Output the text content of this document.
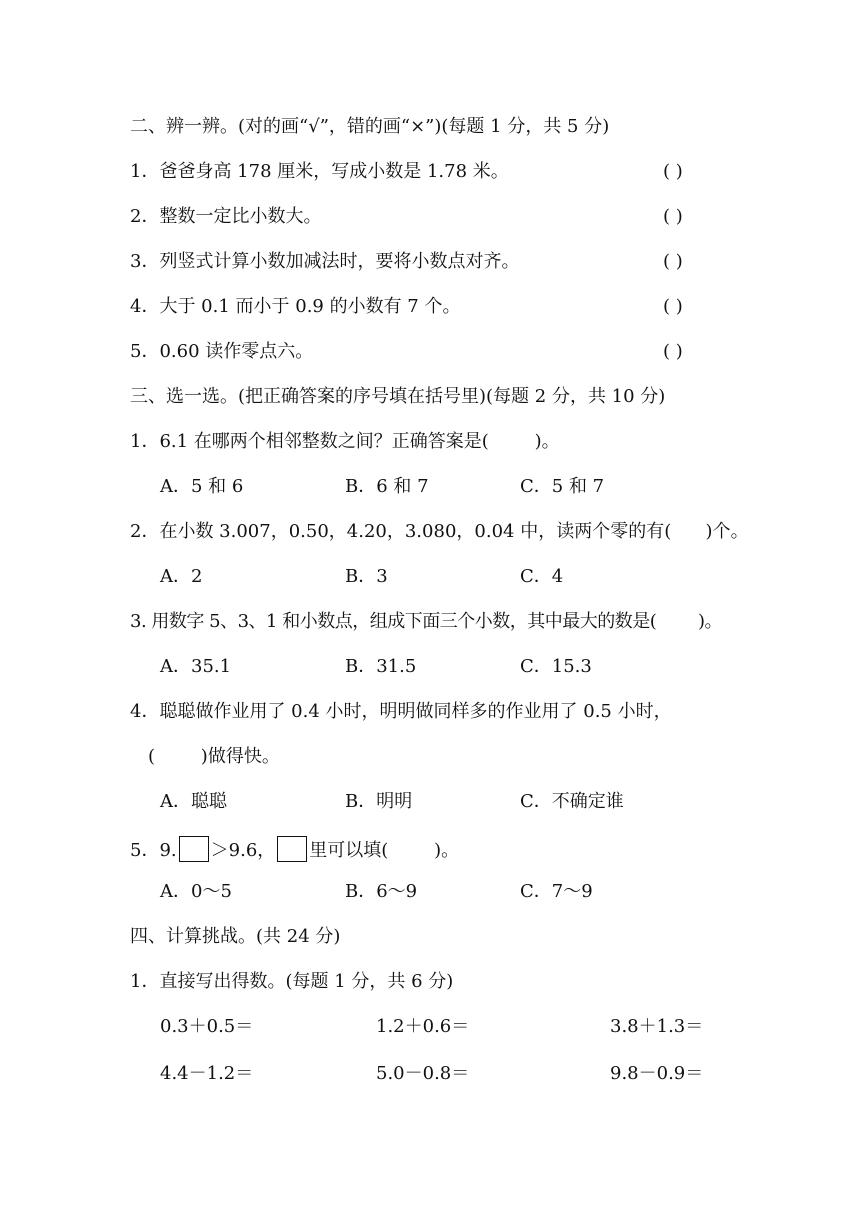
二、辨一辨。(对的画“√”，错的画“×”)(每题 1 分，共 5 分)
1．爸爸身高 178 厘米，写成小数是 1.78 米。	( )
2．整数一定比小数大。	( )
3．列竖式计算小数加减法时，要将小数点对齐。	( )
4．大于 0.1 而小于 0.9 的小数有 7 个。	( )
5．0.60 读作零点六。	( )
三、选一选。(把正确答案的序号填在括号里)(每题 2 分，共 10 分)
1．6.1 在哪两个相邻整数之间？正确答案是(        )。
A．5 和 6	B．6 和 7	C．5 和 7
2．在小数 3.007，0.50，4.20，3.080，0.04 中，读两个零的有(      )个。
A．2	B．3	C．4
3. 用数字 5、3、1 和小数点，组成下面三个小数，其中最大的数是(        )。
A．35.1	B．31.5	C．15.3
4．聪聪做作业用了 0.4 小时，明明做同样多的作业用了 0.5 小时，
(        )做得快。
A．聪聪	B．明明	C．不确定谁
5．9. ＞9.6， 里可以填(        )。
A．0～5	B．6～9	C．7～9
四、计算挑战。(共 24 分)
1．直接写出得数。(每题 1 分，共 6 分)
0.3＋0.5＝	1.2＋0.6＝	3.8＋1.3＝
4.4－1.2＝	5.0－0.8＝	9.8－0.9＝
